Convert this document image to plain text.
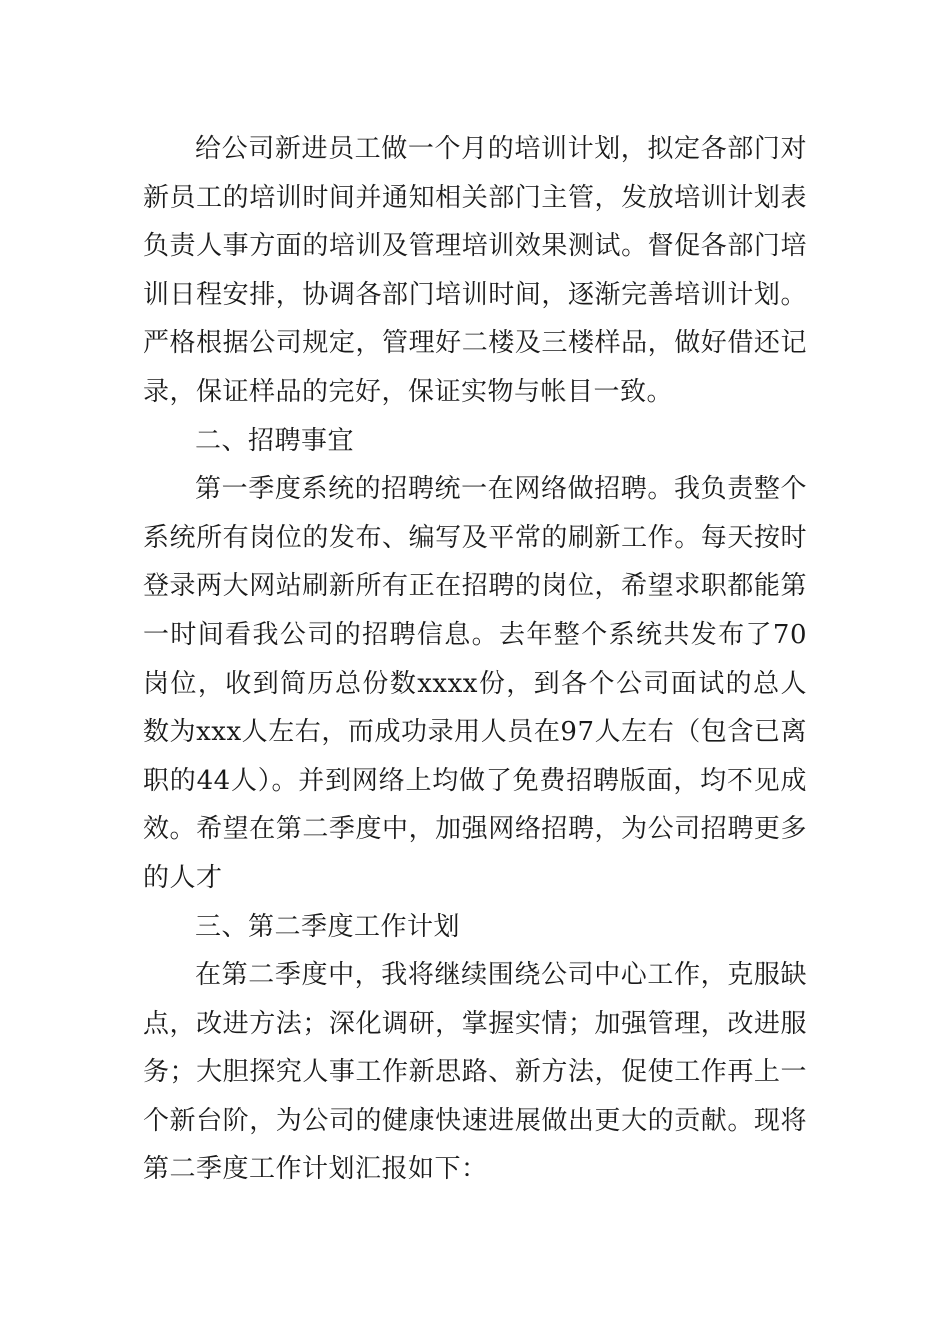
给公司新进员工做一个月的培训计划，拟定各部门对新员工的培训时间并通知相关部门主管，发放培训计划表负责人事方面的培训及管理培训效果测试。督促各部门培训日程安排，协调各部门培训时间，逐渐完善培训计划。严格根据公司规定，管理好二楼及三楼样品，做好借还记录，保证样品的完好，保证实物与帐目一致。

二、招聘事宜

第一季度系统的招聘统一在网络做招聘。我负责整个系统所有岗位的发布、编写及平常的刷新工作。每天按时登录两大网站刷新所有正在招聘的岗位，希望求职都能第一时间看我公司的招聘信息。去年整个系统共发布了70岗位，收到简历总份数xxxx份，到各个公司面试的总人数为xxx人左右，而成功录用人员在97人左右（包含已离职的44人）。并到网络上均做了免费招聘版面，均不见成效。希望在第二季度中，加强网络招聘，为公司招聘更多的人才

三、第二季度工作计划

在第二季度中，我将继续围绕公司中心工作，克服缺点，改进方法；深化调研，掌握实情；加强管理，改进服务；大胆探究人事工作新思路、新方法，促使工作再上一个新台阶，为公司的健康快速进展做出更大的贡献。现将第二季度工作计划汇报如下：
